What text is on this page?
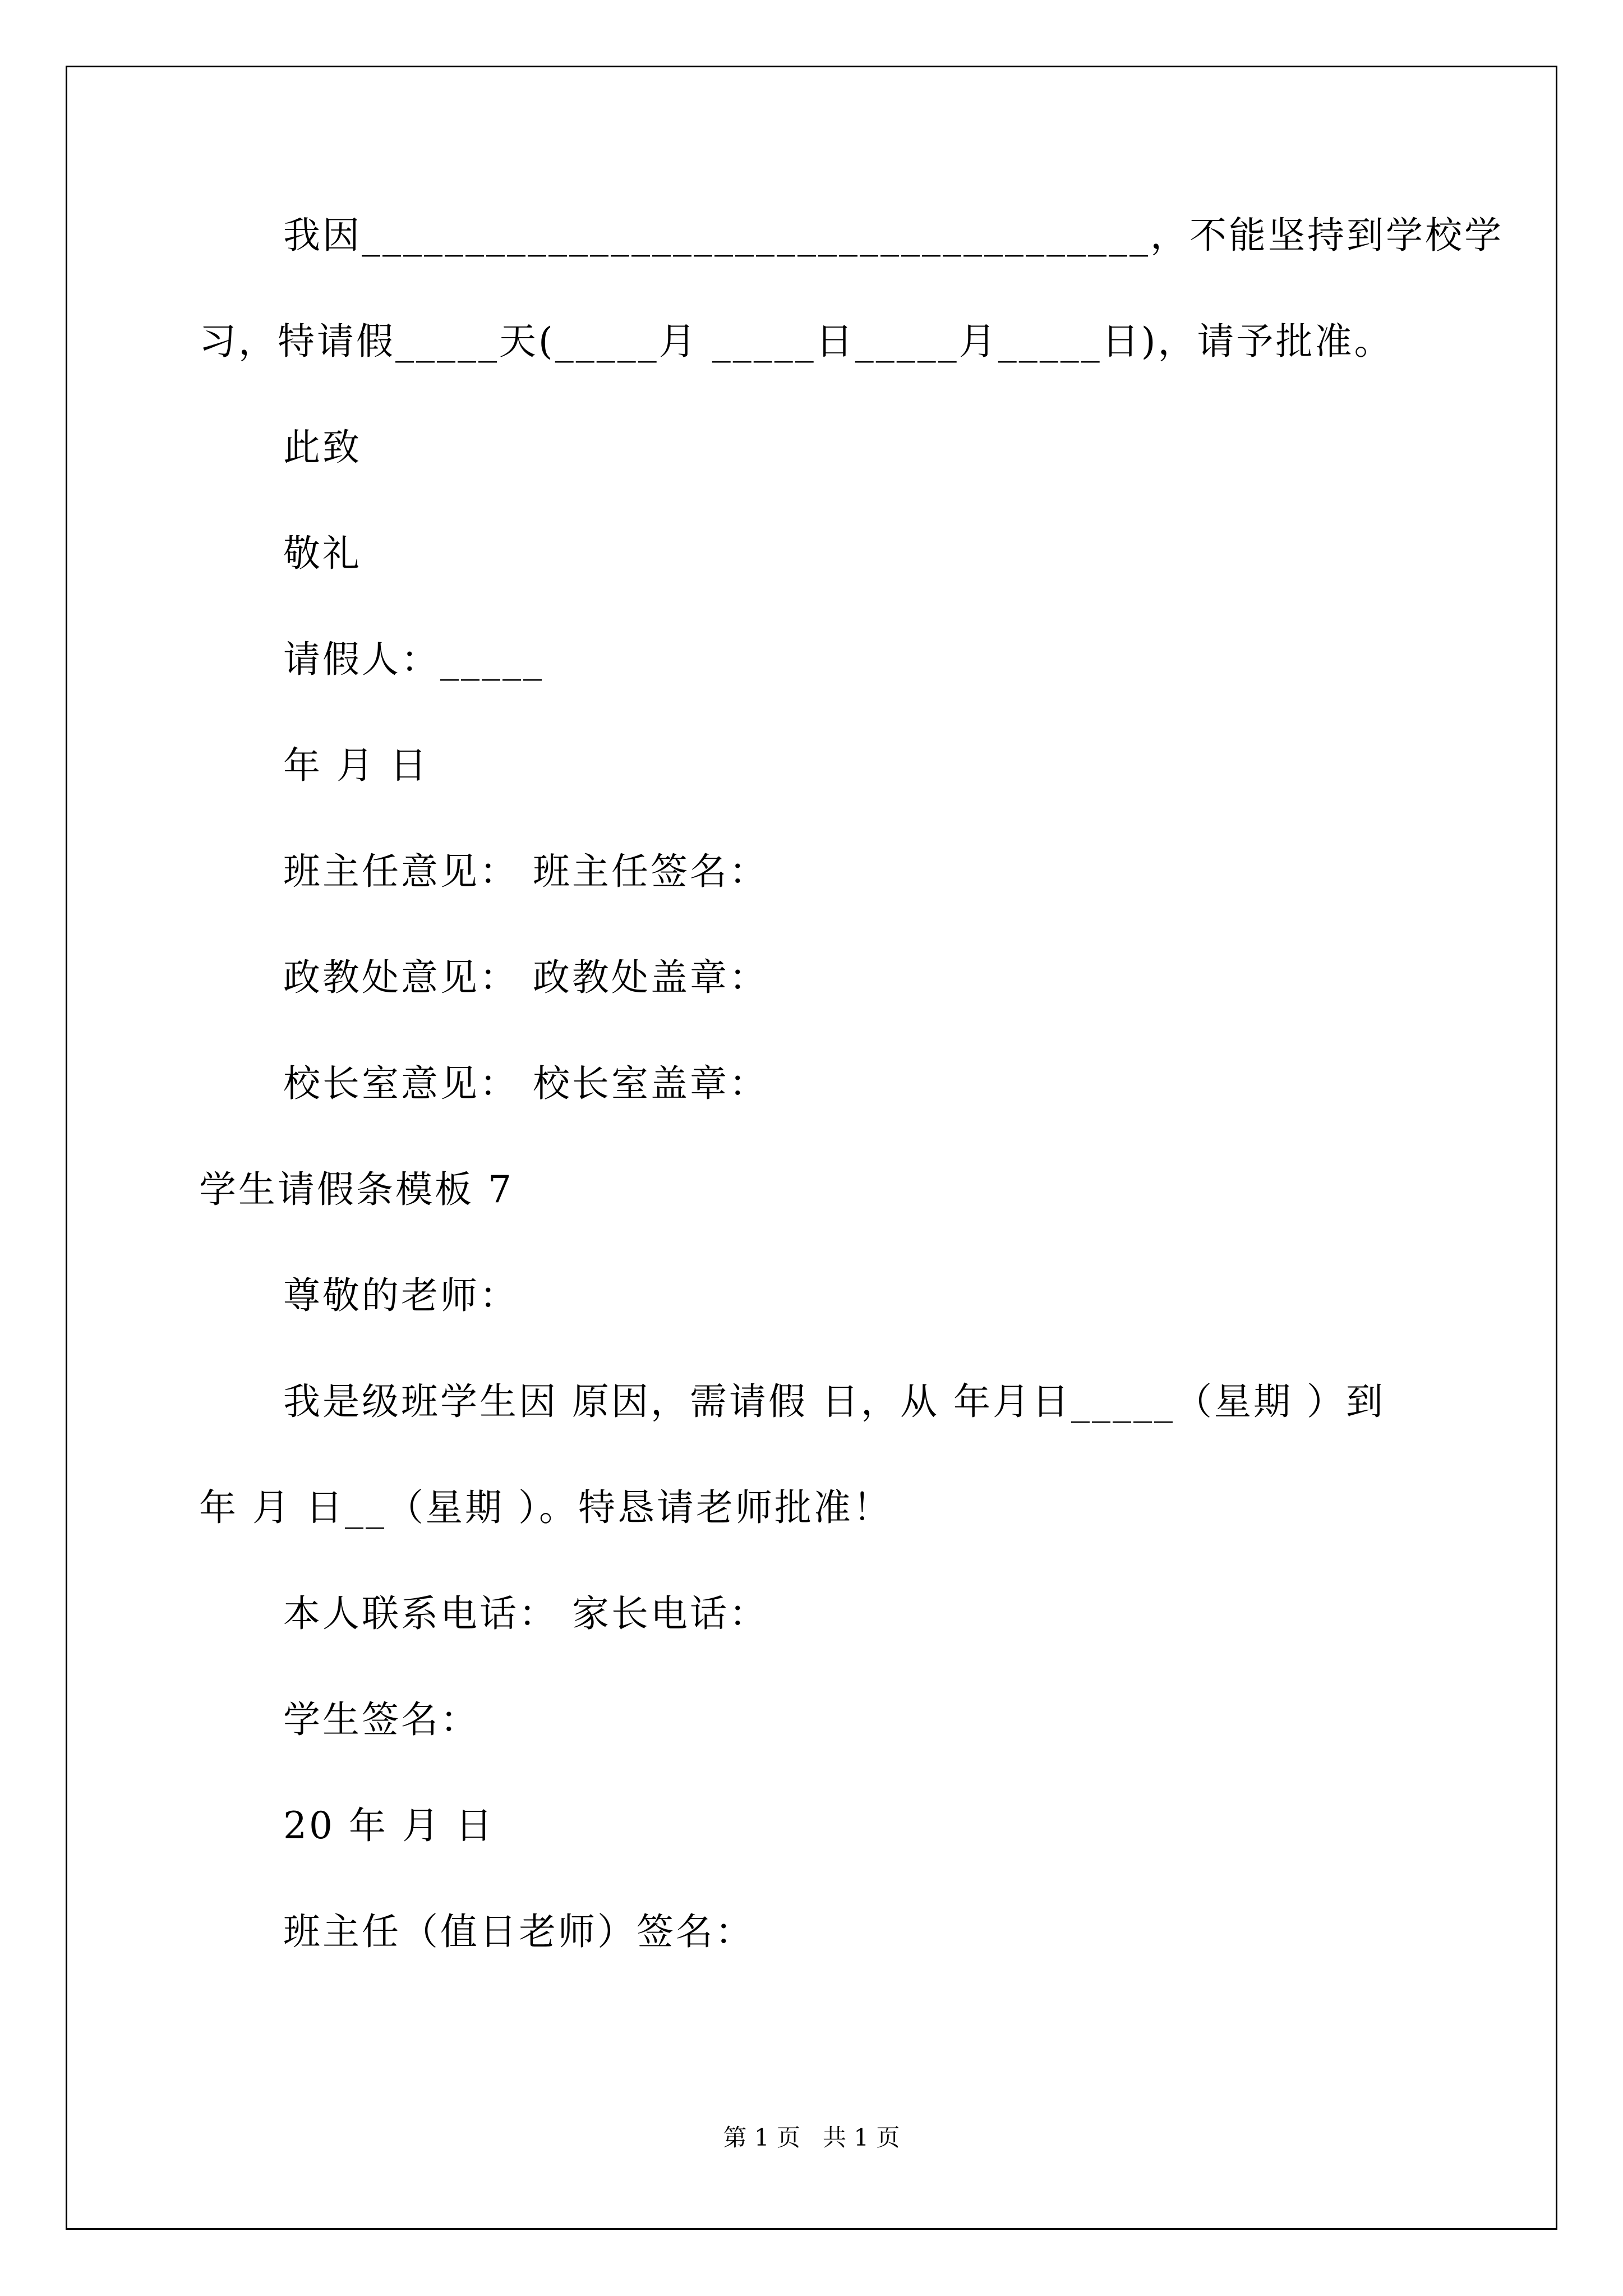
我因______________________________________，不能坚持到学校学
习，特请假_____天(_____月 _____日_____月_____日)，请予批准。
此致
敬礼
请假人：_____
年 月 日
班主任意见： 班主任签名：
政教处意见： 政教处盖章：
校长室意见： 校长室盖章：
学生请假条模板 7
尊敬的老师：
我是级班学生因 原因，需请假 日，从 年月日_____（星期 ）到
年 月 日__（星期 ）。特恳请老师批准！
本人联系电话： 家长电话：
学生签名：
20 年 月 日
班主任（值日老师）签名：
第 1 页   共 1 页
